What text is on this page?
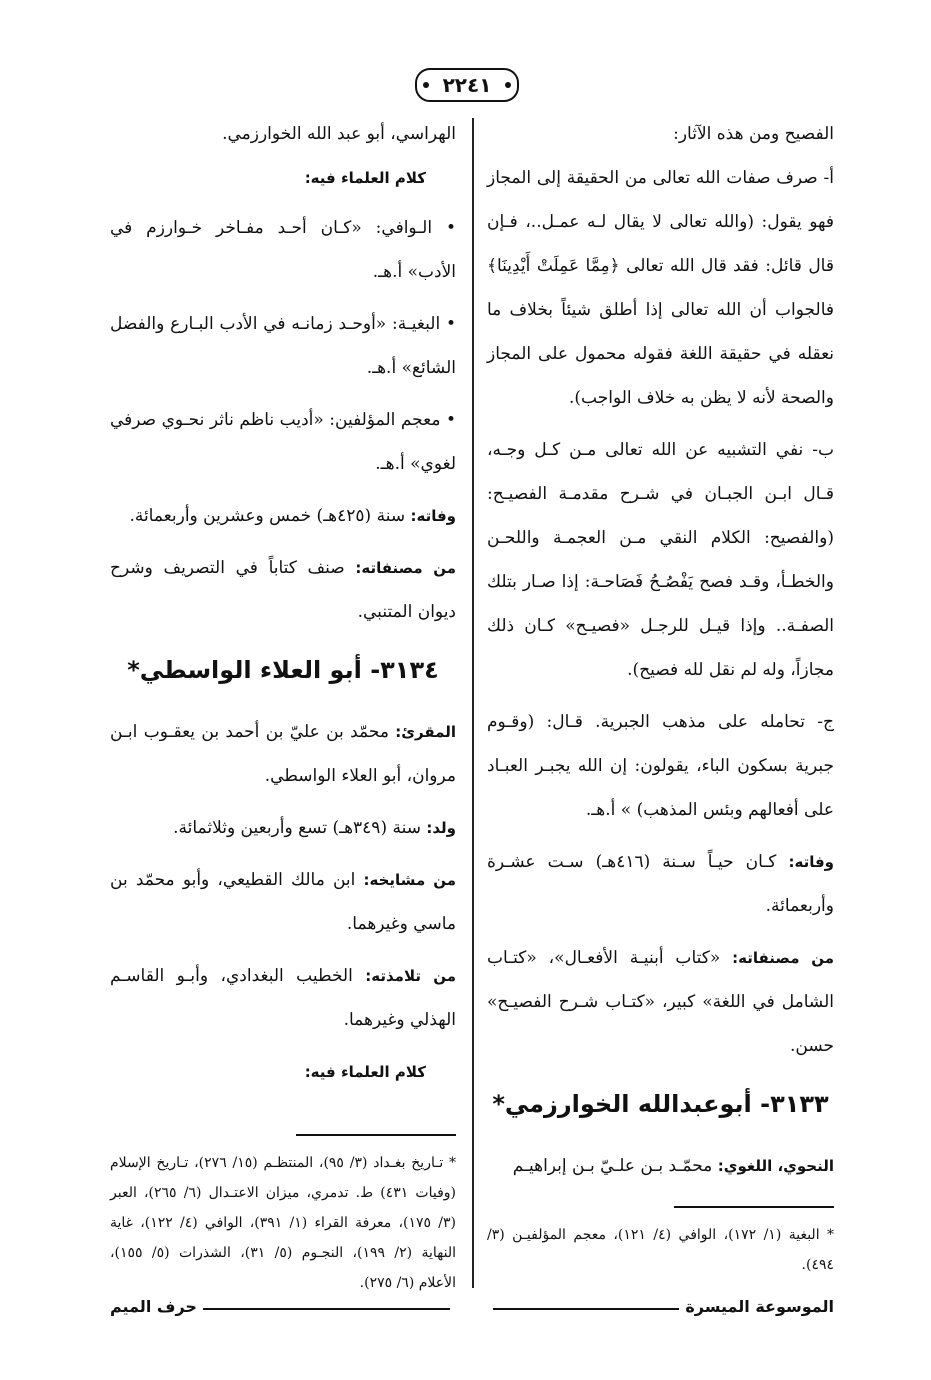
٢٢٤١

الفصيح ومن هذه الآثار:

أ- صرف صفات الله تعالى من الحقيقة إلى المجاز فهو يقول: (والله تعالى لا يقال لـه عمـل..، فـإن قال قائل: فقد قال الله تعالى ﴿مِمَّا عَمِلَتْ أَيْدِينَا﴾ فالجواب أن الله تعالى إذا أطلق شيئاً بخلاف ما نعقله في حقيقة اللغة فقوله محمول على المجاز والصحة لأنه لا يظن به خلاف الواجب).

ب- نفي التشبيه عن الله تعالى مـن كـل وجـه، قـال ابـن الجبـان في شـرح مقدمـة الفصيـح: (والفصيح: الكلام النقي مـن العجمـة واللحـن والخطـأ، وقـد فصح يَفْصُـحُ فَصَاحـة: إذا صـار بتلك الصفـة.. وإذا قيـل للرجـل «فصيـح» كـان ذلك مجازاً، وله لم نقل لله فصيح).

ج- تحامله على مذهب الجبرية. قـال: (وقـوم جبرية بسكون الباء، يقولون: إن الله يجبـر العبـاد على أفعالهم وبئس المذهب) » أ.هـ.

وفاته: كـان حيـاً سـنة (٤١٦هـ) سـت عشـرة وأربعمائة.

من مصنفاته: «كتاب أبنيـة الأفعـال»، «كتـاب الشامل في اللغة» كبير، «كتـاب شـرح الفصيـح» حسن.

٣١٣٣- أبوعبدالله الخوارزمي*

النحوي، اللغوي: محمّـد بـن علـيّ بـن إبراهيـم

* البغية (١/ ١٧٢)، الوافي (٤/ ١٢١)، معجم المؤلفيـن (٣/ ٤٩٤).

الهراسي، أبو عبد الله الخوارزمي.

كلام العلماء فيه:

• الـوافي: «كـان أحـد مفـاخر خـوارزم في الأدب» أ.هـ.

• البغيـة: «أوحـد زمانـه في الأدب البـارع والفضل الشائع» أ.هـ.

• معجم المؤلفين: «أديب ناظم ناثر نحـوي صرفي لغوي» أ.هـ.

وفاته: سنة (٤٢٥هـ) خمس وعشرين وأربعمائة.

من مصنفاته: صنف كتاباً في التصريف وشرح ديوان المتنبي.

٣١٣٤- أبو العلاء الواسطي*

المقرئ: محمّد بن عليّ بن أحمد بن يعقـوب ابـن مروان، أبو العلاء الواسطي.

ولد: سنة (٣٤٩هـ) تسع وأربعين وثلاثمائة.

من مشايخه: ابن مالك القطيعي، وأبو محمّد بن ماسي وغيرهما.

من تلامذته: الخطيب البغدادي، وأبـو القاسـم الهذلي وغيرهما.

كلام العلماء فيه:

* تـاريخ بغـداد (٣/ ٩٥)، المنتظـم (١٥/ ٢٧٦)، تـاريخ الإسلام (وفيات ٤٣١) ط. تدمري، ميزان الاعتـدال (٦/ ٢٦٥)، العبر (٣/ ١٧٥)، معرفة القراء (١/ ٣٩١)، الوافي (٤/ ١٢٢)، غاية النهاية (٢/ ١٩٩)، النجـوم (٥/ ٣١)، الشذرات (٥/ ١٥٥)، الأعلام (٦/ ٢٧٥).

الموسوعة الميسرة
حرف الميم
